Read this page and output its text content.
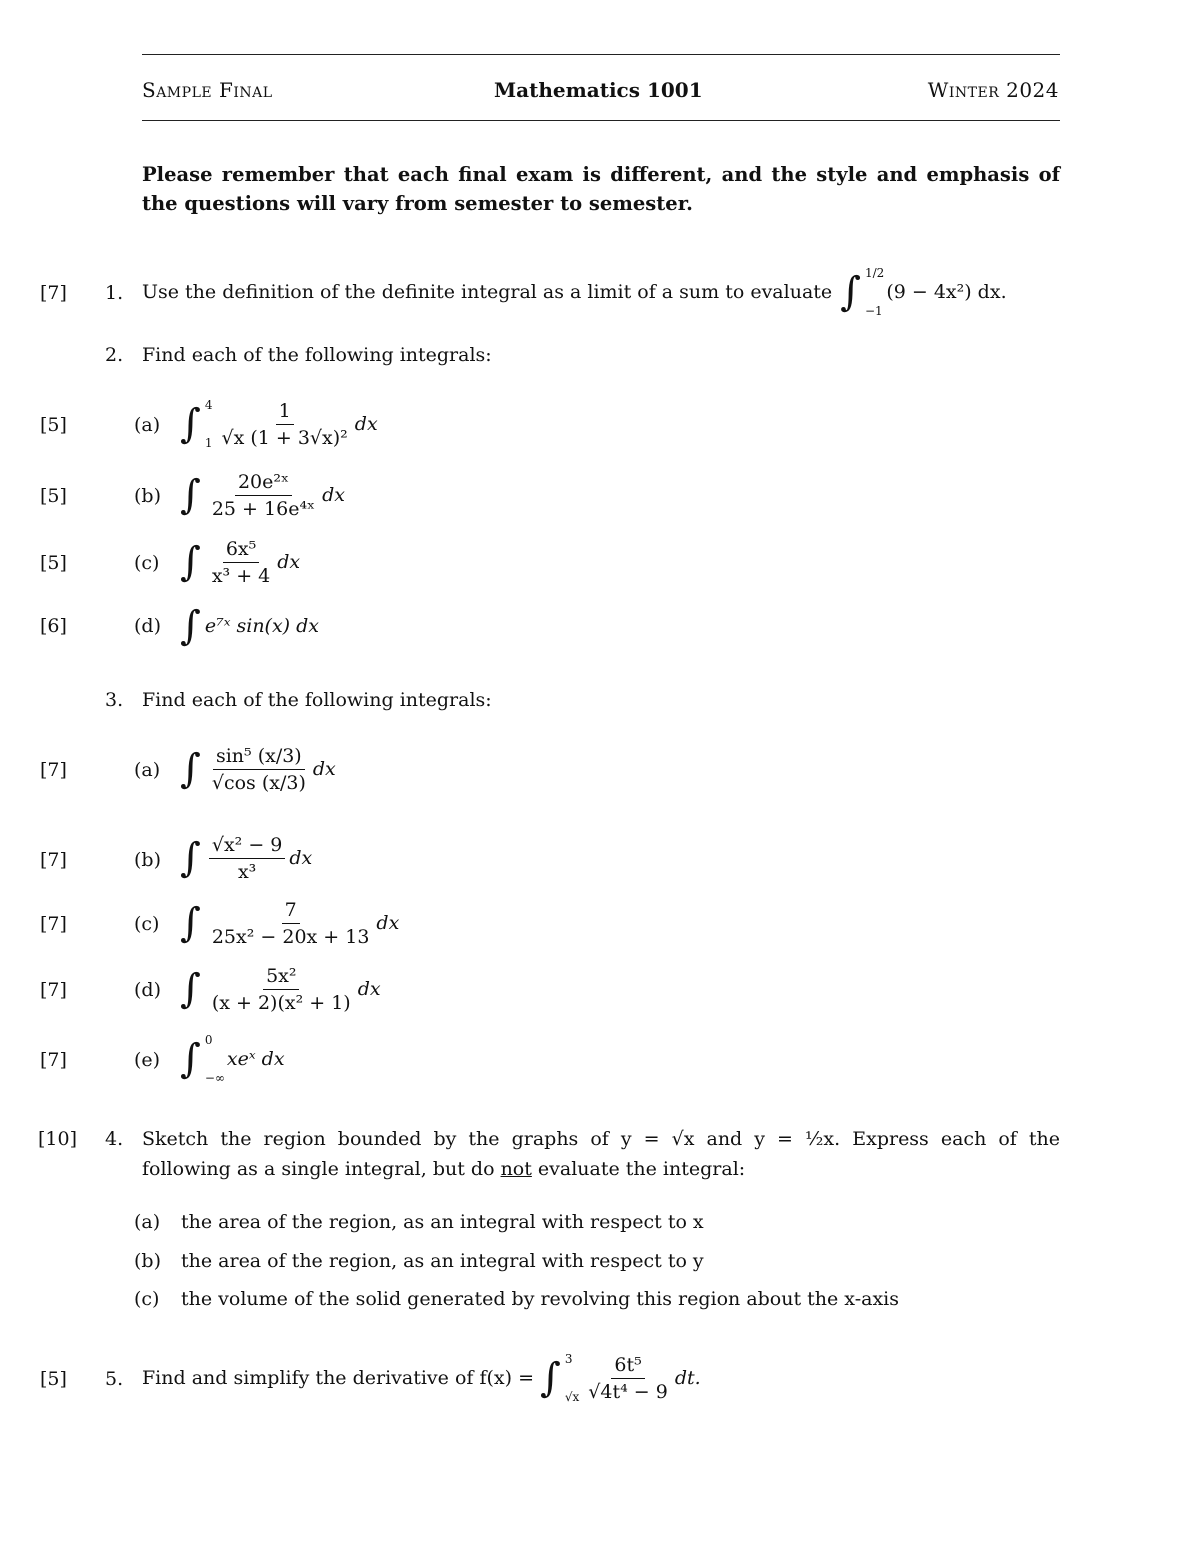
Sample Final	Mathematics 1001	Winter 2024
Please remember that each final exam is different, and the style and emphasis of the questions will vary from semester to semester.
[7]	1. Use the definition of the definite integral as a limit of a sum to evaluate ∫ 1/2
−1
(9 − 4x²) dx.
2. Find each of the following integrals:
[5]	(a) ∫ 4
$1 \frac{1}{\text{√x (1 + 3√x)²}}$ dx
[5]	(b) ∫ $\frac{\text{20e²ˣ}}{\text{25 + 16e⁴ˣ}}$ dx
[5]	(c) ∫ $\frac{\text{6x⁵}}{\text{x³ + 4}}$ dx
[6]	(d) ∫ e⁷ˣ sin(x) dx
3. Find each of the following integrals:
[7]	(a) ∫ $\frac{\text{sin⁵ (x/3)}}{√\cos (x/3)}$ dx
[7]	(b) ∫ $\frac{\text{√x² − 9}}{\text{x³}}$ dx
[7]	(c) ∫ $\frac{7}{\text{25x² − 20x + 13}}$ dx
[7]	(d) ∫ $\frac{\text{5x²}}{\text{(x + 2)(x² + 1)}}$ dx
[7]	(e) ∫ 0
−∞
xeˣ dx
[10] 4. Sketch the region bounded by the graphs of y = √x and y = ½x. Express each of the
following as a single integral, but do not evaluate the integral:
(a) the area of the region, as an integral with respect to x
(b) the area of the region, as an integral with respect to y
(c) the volume of the solid generated by revolving this region about the x-axis
[5]	5. Find and simplify the derivative of f(x) = ∫ 3
$√x \frac{\text{6t⁵}}{\text{√4t⁴ − 9}}$ dt.
